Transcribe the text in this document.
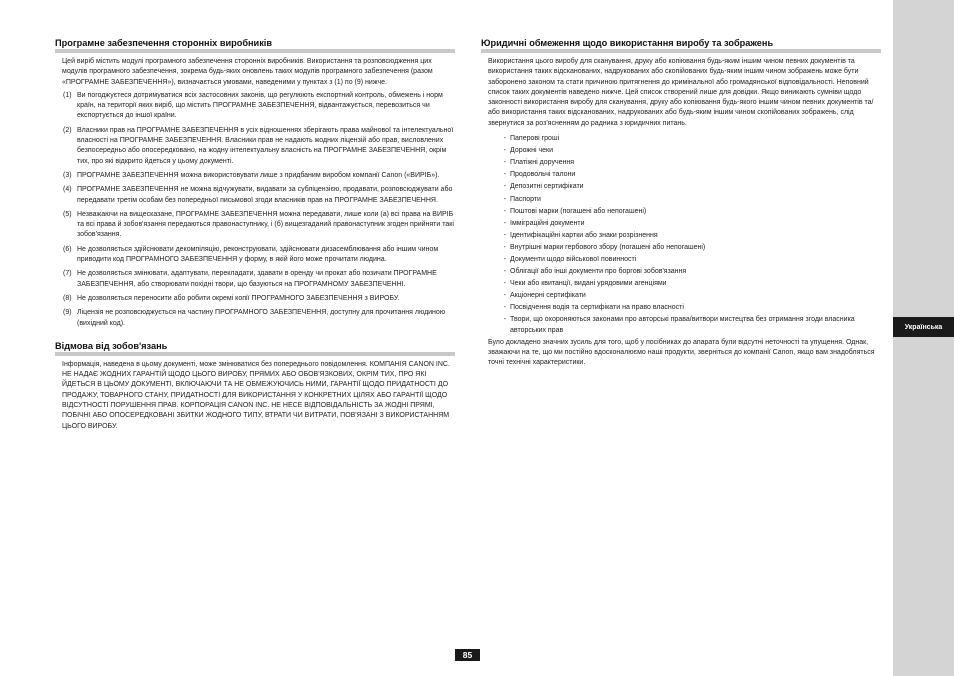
Українська
Програмне забезпечення сторонніх виробників

Цей виріб містить модулі програмного забезпечення сторонніх виробників. Використання та розповсюдження цих модулів програмного забезпечення, зокрема будь-яких оновлень таких модулів програмного забезпечення (разом «ПРОГРАМНЕ ЗАБЕЗПЕЧЕННЯ»), визначається умовами, наведеними у пунктах з (1) по (9) нижче.

(1) Ви погоджуєтеся дотримуватися всіх застосовних законів, що регулюють експортний контроль, обмежень і норм країн, на території яких виріб, що містить ПРОГРАМНЕ ЗАБЕЗПЕЧЕННЯ, відвантажується, перевозиться чи експортується до іншої країни.
(2) Власники прав на ПРОГРАМНЕ ЗАБЕЗПЕЧЕННЯ в усіх відношеннях зберігають права майнової та інтелектуальної власності на ПРОГРАМНЕ ЗАБЕЗПЕЧЕННЯ. Власники прав не надають жодних ліцензій або прав, висловлених безпосередньо або опосередковано, на жодну інтелектуальну власність на ПРОГРАМНЕ ЗАБЕЗПЕЧЕННЯ, окрім тих, про які відкрито йдеться у цьому документі.
(3) ПРОГРАМНЕ ЗАБЕЗПЕЧЕННЯ можна використовувати лише з придбаним виробом компанії Canon («ВИРІБ»).
(4) ПРОГРАМНЕ ЗАБЕЗПЕЧЕННЯ не можна відчужувати, видавати за субліцензією, продавати, розповсюджувати або передавати третім особам без попередньої письмової згоди власників прав на ПРОГРАМНЕ ЗАБЕЗПЕЧЕННЯ.
(5) Незважаючи на вищесказане, ПРОГРАМНЕ ЗАБЕЗПЕЧЕННЯ можна передавати, лише коли (а) всі права на ВИРІБ та всі права й зобов'язання передаються правонаступнику, і (б) вищезгаданий правонаступник згоден прийняти такі зобов'язання.
(6) Не дозволяється здійснювати декомпіляцію, реконструювати, здійснювати дизасемблювання або іншим чином приводити код ПРОГРАМНОГО ЗАБЕЗПЕЧЕННЯ у форму, в якій його може прочитати людина.
(7) Не дозволяється змінювати, адаптувати, перекладати, здавати в оренду чи прокат або позичати ПРОГРАМНЕ ЗАБЕЗПЕЧЕННЯ, або створювати похідні твори, що базуються на ПРОГРАМНОМУ ЗАБЕЗПЕЧЕННІ.
(8) Не дозволяється переносити або робити окремі копії ПРОГРАМНОГО ЗАБЕЗПЕЧЕННЯ з ВИРОБУ.
(9) Ліцензія не розповсюджується на частину ПРОГРАМНОГО ЗАБЕЗПЕЧЕННЯ, доступну для прочитання людиною (вихідний код).
Відмова від зобов'язань

Інформація, наведена в цьому документі, може змінюватися без попереднього повідомлення. КОМПАНІЯ CANON INC. НЕ НАДАЄ ЖОДНИХ ГАРАНТІЙ ЩОДО ЦЬОГО ВИРОБУ, ПРЯМИХ АБО ОБОВ'ЯЗКОВИХ, ОКРІМ ТИХ, ПРО ЯКІ ЙДЕТЬСЯ В ЦЬОМУ ДОКУМЕНТІ, ВКЛЮЧАЮЧИ ТА НЕ ОБМЕЖУЮЧИСЬ НИМИ, ГАРАНТІЇ ЩОДО ПРИДАТНОСТІ ДО ПРОДАЖУ, ТОВАРНОГО СТАНУ, ПРИДАТНОСТІ ДЛЯ ВИКОРИСТАННЯ У КОНКРЕТНИХ ЦІЛЯХ АБО ГАРАНТІЇ ЩОДО ВІДСУТНОСТІ ПОРУШЕННЯ ПРАВ. КОРПОРАЦІЯ CANON INC. НЕ НЕСЕ ВІДПОВІДАЛЬНІСТЬ ЗА ЖОДНІ ПРЯМІ, ПОБІЧНІ АБО ОПОСЕРЕДКОВАНІ ЗБИТКИ ЖОДНОГО ТИПУ, ВТРАТИ ЧИ ВИТРАТИ, ПОВ'ЯЗАНІ З ВИКОРИСТАННЯМ ЦЬОГО ВИРОБУ.

Юридичні обмеження щодо використання виробу та зображень

Використання цього виробу для сканування, друку або копіювання будь-яким іншим чином певних документів та використання таких відсканованих, надрукованих або скопійованих будь-яким іншим чином зображень може бути заборонено законом та стати причиною притягнення до кримінальної або громадянської відповідальності. Неповний список таких документів наведено нижче. Цей список створений лише для довідки. Якщо виникають сумніви щодо законності використання виробу для сканування, друку або копіювання будь-якого іншим чином певних документів та/або використання таких відсканованих, надрукованих або будь-яким іншим чином скопійованих зображень, слід звернутися за роз'ясненням до радника з юридичних питань.

- Паперові гроші
- Дорожні чеки
- Платіжні доручення
- Продовольчі талони
- Депозитні сертифікати
- Паспорти
- Поштові марки (погашені або непогашені)
- Імміграційні документи
- Ідентифікаційні картки або знаки розрізнення
- Внутрішні марки гербового збору (погашені або непогашені)
- Документи щодо військової повинності
- Облігації або інші документи про боргові зобов'язання
- Чеки або квитанції, видані урядовими агенціями
- Акціонерні сертифікати
- Посвідчення водія та сертифікати на право власності
- Твори, що охороняються законами про авторські права/витвори мистецтва без отримання згоди власника авторських прав

Було докладено значних зусиль для того, щоб у посібниках до апарата були відсутні неточності та упущення. Однак, зважаючи на те, що ми постійно вдосконалюємо наші продукти, зверніться до компанії Canon, якщо вам знадобляться точні технічні характеристики.

85
